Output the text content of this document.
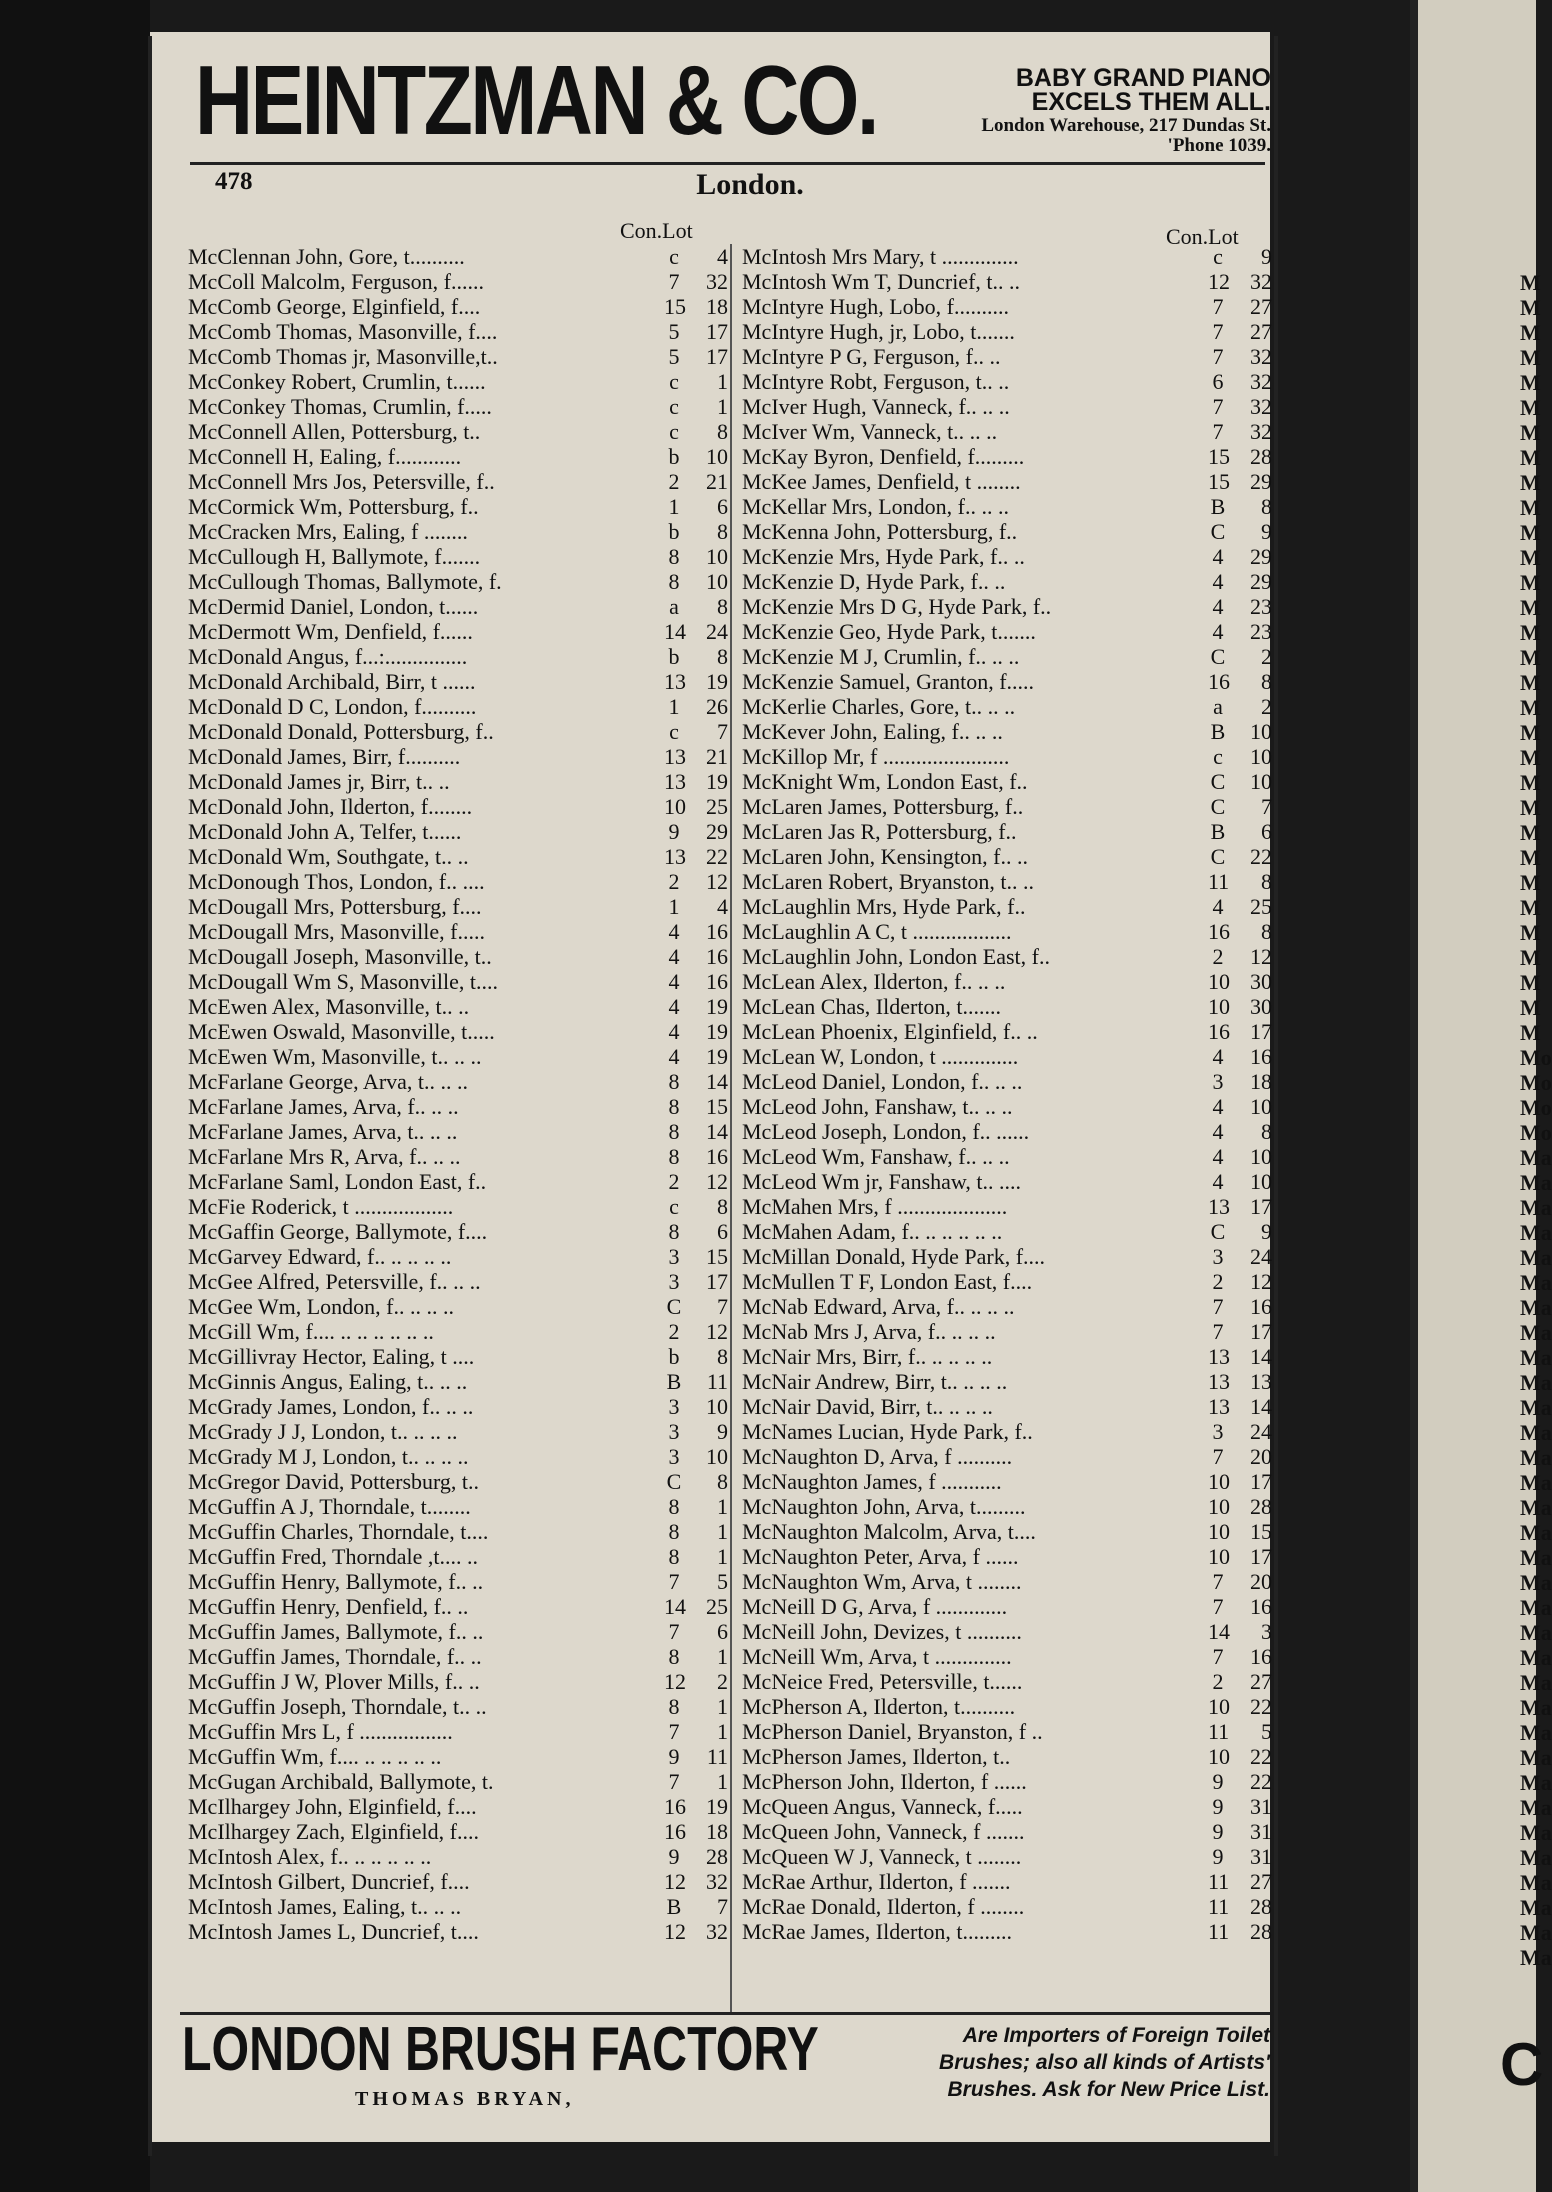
HEINTZMAN & CO.	BABY GRAND PIANO
EXCELS THEM ALL.
London Warehouse, 217 Dundas St.
'Phone 1039.
478	London.
Con.Lot	Con.Lot
McClennan John, Gore, t..........	c	4
McColl Malcolm, Ferguson, f......	7	32
McComb George, Elginfield, f....	15 18
McComb Thomas, Masonville, f....	5	17
McComb Thomas jr, Masonville,t..	5	17
McConkey Robert, Crumlin, t......	c	1
McConkey Thomas, Crumlin, f.....	c	1
McConnell Allen, Pottersburg, t..	c	8
McConnell H, Ealing, f............	b	10
McConnell Mrs Jos, Petersville, f..	2	21
McCormick Wm, Pottersburg, f..	1	6
McCracken Mrs, Ealing, f ........	b	8
McCullough H, Ballymote, f.......	8	10
McCullough Thomas, Ballymote, f.	8	10
McDermid Daniel, London, t......	a	8
McDermott Wm, Denfield, f......	14 24
McDonald Angus, f...:...............	b	8
McDonald Archibald, Birr, t ......	13 19
McDonald D C, London, f..........	1	26
McDonald Donald, Pottersburg, f..	c	7
McDonald James, Birr, f..........	13 21
McDonald James jr, Birr, t.. ..	13 19
McDonald John, Ilderton, f........	10 25
McDonald John A, Telfer, t......	9	29
McDonald Wm, Southgate, t.. ..	13 22
McDonough Thos, London, f.. ....	2	12
McDougall Mrs, Pottersburg, f....	1	4
McDougall Mrs, Masonville, f.....	4	16
McDougall Joseph, Masonville, t..	4	16
McDougall Wm S, Masonville, t....	4	16
McEwen Alex, Masonville, t.. ..	4	19
McEwen Oswald, Masonville, t.....	4	19
McEwen Wm, Masonville, t.. .. ..	4	19
McFarlane George, Arva, t.. .. ..	8	14
McFarlane James, Arva, f.. .. ..	8	15
McFarlane James, Arva, t.. .. ..	8	14
McFarlane Mrs R, Arva, f.. .. ..	8	16
McFarlane Saml, London East, f..	2	12
McFie Roderick, t ..................	c	8
McGaffin George, Ballymote, f....	8	6
McGarvey Edward, f.. .. .. .. ..	3	15
McGee Alfred, Petersville, f.. .. ..	3	17
McGee Wm, London, f.. .. .. ..	C	7
McGill Wm, f.... .. .. .. .. .. ..	2	12
McGillivray Hector, Ealing, t ....	b	8
McGinnis Angus, Ealing, t.. .. ..	B	11
McGrady James, London, f.. .. ..	3	10
McGrady J J, London, t.. .. .. ..	3	9
McGrady M J, London, t.. .. .. ..	3	10
McGregor David, Pottersburg, t..	C	8
McGuffin A J, Thorndale, t........	8	1
McGuffin Charles, Thorndale, t....	8	1
McGuffin Fred, Thorndale ,t.... ..	8	1
McGuffin Henry, Ballymote, f.. ..	7	5
McGuffin Henry, Denfield, f.. ..	14 25
McGuffin James, Ballymote, f.. ..	7	6
McGuffin James, Thorndale, f.. ..	8	1
McGuffin J W, Plover Mills, f.. ..	12	2
McGuffin Joseph, Thorndale, t.. ..	8	1
McGuffin Mrs L, f .................	7	1
McGuffin Wm, f.... .. .. .. .. ..	9	11
McGugan Archibald, Ballymote, t.	7	1
McIlhargey John, Elginfield, f....	16 19
McIlhargey Zach, Elginfield, f....	16 18
McIntosh Alex, f.. .. .. .. .. ..	9	28
McIntosh Gilbert, Duncrief, f....	12 32
McIntosh James, Ealing, t.. .. ..	B	7
McIntosh James L, Duncrief, t....	12 32
McIntosh Mrs Mary, t ..............	c	9
McIntosh Wm T, Duncrief, t.. ..	12 32
McIntyre Hugh, Lobo, f..........	7	27
McIntyre Hugh, jr, Lobo, t.......	7	27
McIntyre P G, Ferguson, f.. ..	7	32
McIntyre Robt, Ferguson, t.. ..	6	32
McIver Hugh, Vanneck, f.. .. ..	7	32
McIver Wm, Vanneck, t.. .. ..	7	32
McKay Byron, Denfield, f.........	15 28
McKee James, Denfield, t ........	15 29
McKellar Mrs, London, f.. .. ..	B	8
McKenna John, Pottersburg, f..	C	9
McKenzie Mrs, Hyde Park, f.. ..	4	29
McKenzie D, Hyde Park, f.. ..	4	29
McKenzie Mrs D G, Hyde Park, f..	4	23
McKenzie Geo, Hyde Park, t.......	4	23
McKenzie M J, Crumlin, f.. .. ..	C	2
McKenzie Samuel, Granton, f.....	16	8
McKerlie Charles, Gore, t.. .. ..	a	2
McKever John, Ealing, f.. .. ..	B	10
McKillop Mr, f .......................	c	10
McKnight Wm, London East, f..	C	10
McLaren James, Pottersburg, f..	C	7
McLaren Jas R, Pottersburg, f..	B	6
McLaren John, Kensington, f.. ..	C	22
McLaren Robert, Bryanston, t.. ..	11	8
McLaughlin Mrs, Hyde Park, f..	4	25
McLaughlin A C, t ..................	16	8
McLaughlin John, London East, f..	2	12
McLean Alex, Ilderton, f.. .. ..	10 30
McLean Chas, Ilderton, t.......	10 30
McLean Phoenix, Elginfield, f.. ..	16 17
McLean W, London, t ..............	4	16
McLeod Daniel, London, f.. .. ..	3	18
McLeod John, Fanshaw, t.. .. ..	4	10
McLeod Joseph, London, f.. ......	4	8
McLeod Wm, Fanshaw, f.. .. ..	4	10
McLeod Wm jr, Fanshaw, t.. ....	4	10
McMahen Mrs, f ....................	13 17
McMahen Adam, f.. .. .. .. .. ..	C	9
McMillan Donald, Hyde Park, f....	3	24
McMullen T F, London East, f....	2	12
McNab Edward, Arva, f.. .. .. ..	7	16
McNab Mrs J, Arva, f.. .. .. ..	7	17
McNair Mrs, Birr, f.. .. .. .. ..	13 14
McNair Andrew, Birr, t.. .. .. ..	13 13
McNair David, Birr, t.. .. .. ..	13 14
McNames Lucian, Hyde Park, f..	3	24
McNaughton D, Arva, f ..........	7	20
McNaughton James, f ...........	10 17
McNaughton John, Arva, t.........	10 28
McNaughton Malcolm, Arva, t....	10 15
McNaughton Peter, Arva, f ......	10 17
McNaughton Wm, Arva, t ........	7	20
McNeill D G, Arva, f .............	7	16
McNeill John, Devizes, t ..........	14	3
McNeill Wm, Arva, t ..............	7	16
McNeice Fred, Petersville, t......	2	27
McPherson A, Ilderton, t..........	10 22
McPherson Daniel, Bryanston, f ..	11	5
McPherson James, Ilderton, t..	10 22
McPherson John, Ilderton, f ......	9	22
McQueen Angus, Vanneck, f.....	9	31
McQueen John, Vanneck, f .......	9	31
McQueen W J, Vanneck, t ........	9	31
McRae Arthur, Ilderton, f .......	11 27
McRae Donald, Ilderton, f ........	11 28
McRae James, Ilderton, t.........	11 28
LONDON BRUSH FACTORY
THOMAS BRYAN,
Are Importers of Foreign Toilet
Brushes; also all kinds of Artists'
Brushes. Ask for New Price List.
M
M
M
M
M
M
M
M
M
M
M
M
M
M
M
M
M
M
M
M
M
M
M
M
M
M
M
M
M
M
M
Mo
Mo
Mo
Mo
Ma
Ma
Ma
Ma
Ma
Ma
Ma
Ma
Ma
Ma
Ma
Ma
Ma
Ma
Ma
Ma
Ma
Ma
Ma
Ma
Ma
Ma
Ma
Ma
Ma
Ma
Ma
Ma
Ma
Ma
Ma
Ma
Ma
C
